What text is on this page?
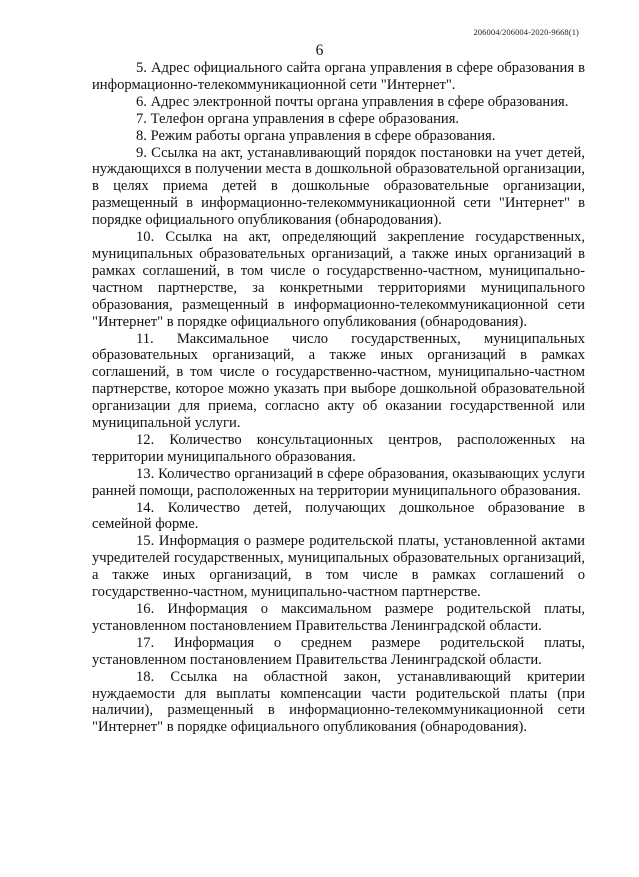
206004/206004-2020-9668(1)
6

5. Адрес официального сайта органа управления в сфере образования в информационно-телекоммуникационной сети "Интернет".

6. Адрес электронной почты органа управления в сфере образования.

7. Телефон органа управления в сфере образования.

8. Режим работы органа управления в сфере образования.

9. Ссылка на акт, устанавливающий порядок постановки на учет детей, нуждающихся в получении места в дошкольной образовательной организации, в целях приема детей в дошкольные образовательные организации, размещенный в информационно-телекоммуникационной сети "Интернет" в порядке официального опубликования (обнародования).

10. Ссылка на акт, определяющий закрепление государственных, муниципальных образовательных организаций, а также иных организаций в рамках соглашений, в том числе о государственно-частном, муниципально-частном партнерстве, за конкретными территориями муниципального образования, размещенный в информационно-телекоммуникационной сети "Интернет" в порядке официального опубликования (обнародования).

11. Максимальное число государственных, муниципальных образовательных организаций, а также иных организаций в рамках соглашений, в том числе о государственно-частном, муниципально-частном партнерстве, которое можно указать при выборе дошкольной образовательной организации для приема, согласно акту об оказании государственной или муниципальной услуги.

12. Количество консультационных центров, расположенных на территории муниципального образования.

13. Количество организаций в сфере образования, оказывающих услуги ранней помощи, расположенных на территории муниципального образования.

14. Количество детей, получающих дошкольное образование в семейной форме.

15. Информация о размере родительской платы, установленной актами учредителей государственных, муниципальных образовательных организаций, а также иных организаций, в том числе в рамках соглашений о государственно-частном, муниципально-частном партнерстве.

16. Информация о максимальном размере родительской платы, установленном постановлением Правительства Ленинградской области.

17. Информация о среднем размере родительской платы, установленном постановлением Правительства Ленинградской области.

18. Ссылка на областной закон, устанавливающий критерии нуждаемости для выплаты компенсации части родительской платы (при наличии), размещенный в информационно-телекоммуникационной сети "Интернет" в порядке официального опубликования (обнародования).
